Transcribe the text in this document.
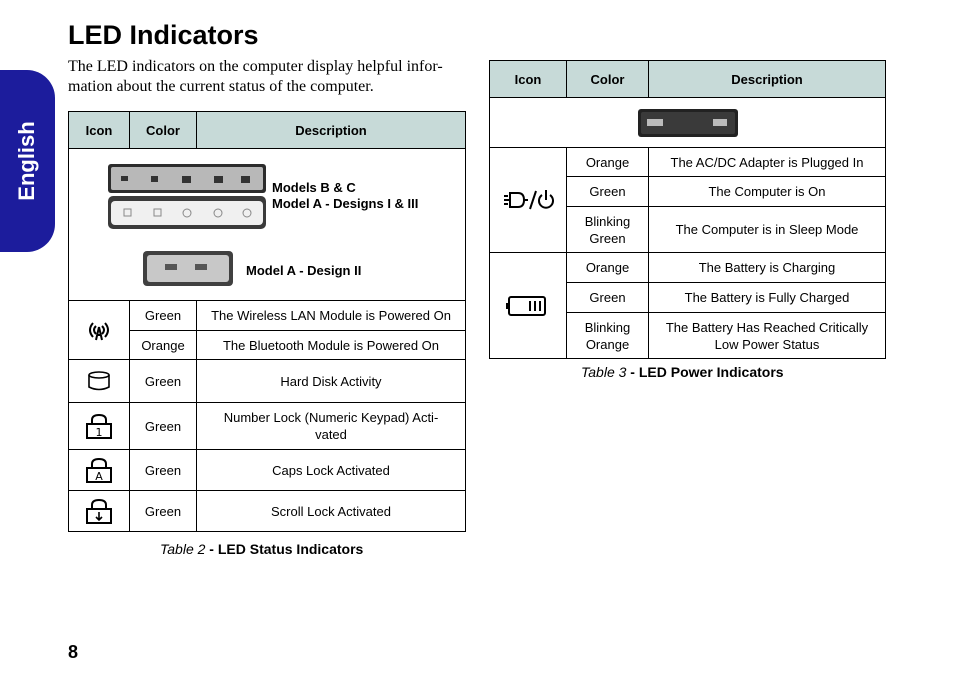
English
LED Indicators

The LED indicators on the computer display helpful infor-
mation about the current status of the computer.

Icon	Color	Description

Models B & C
Model A - Designs I & III
Model A - Design II		

	Green	The Wireless LAN Module is Powered On
	Orange	The Bluetooth Module is Powered On

	Green	Hard Disk Activity

1	Green	Number Lock (Numeric Keypad) Acti-
vated

A	Green	Caps Lock Activated

	Green	Scroll Lock Activated
Table 2 - LED Status Indicators
Icon	Color	Description

	Orange	The AC/DC Adapter is Plugged In
	Green	The Computer is On
	Blinking
Green	The Computer is in Sleep Mode

	Orange	The Battery is Charging
	Green	The Battery is Fully Charged
	Blinking
Orange	The Battery Has Reached Critically
Low Power Status
Table 3 - LED Power Indicators
8
